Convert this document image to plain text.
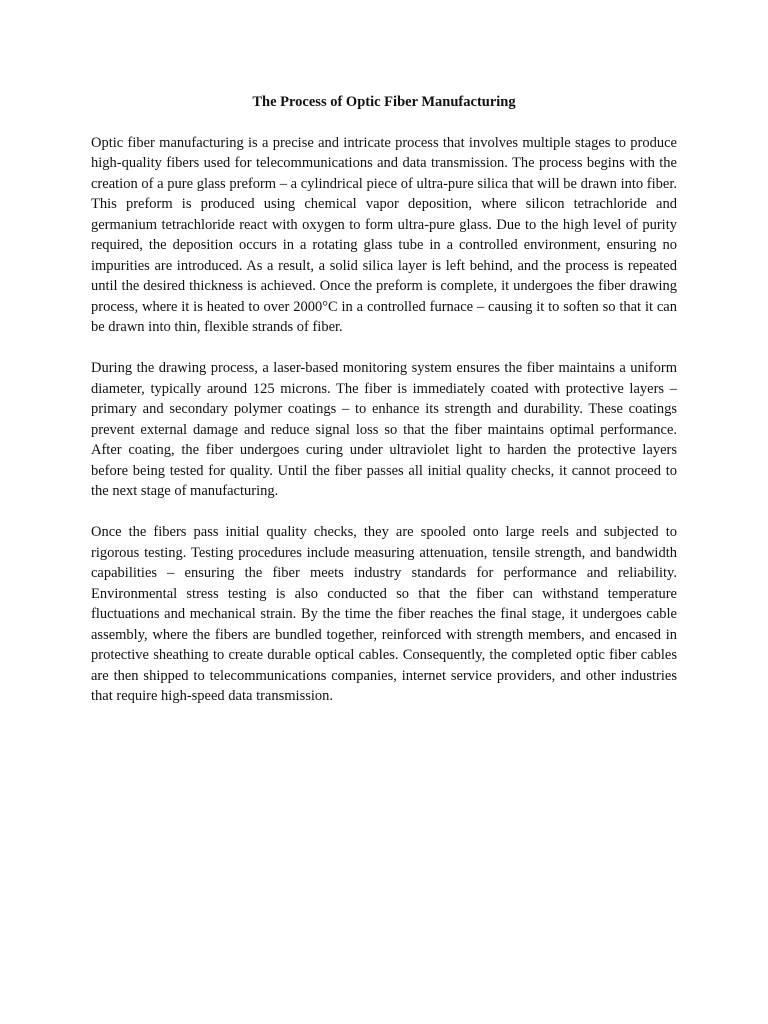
The Process of Optic Fiber Manufacturing

Optic fiber manufacturing is a precise and intricate process that involves multiple stages to produce high-quality fibers used for telecommunications and data transmission. The process begins with the creation of a pure glass preform – a cylindrical piece of ultra-pure silica that will be drawn into fiber. This preform is produced using chemical vapor deposition, where silicon tetrachloride and germanium tetrachloride react with oxygen to form ultra-pure glass. Due to the high level of purity required, the deposition occurs in a rotating glass tube in a controlled environment, ensuring no impurities are introduced. As a result, a solid silica layer is left behind, and the process is repeated until the desired thickness is achieved. Once the preform is complete, it undergoes the fiber drawing process, where it is heated to over 2000°C in a controlled furnace – causing it to soften so that it can be drawn into thin, flexible strands of fiber.

During the drawing process, a laser-based monitoring system ensures the fiber maintains a uniform diameter, typically around 125 microns. The fiber is immediately coated with protective layers – primary and secondary polymer coatings – to enhance its strength and durability. These coatings prevent external damage and reduce signal loss so that the fiber maintains optimal performance. After coating, the fiber undergoes curing under ultraviolet light to harden the protective layers before being tested for quality. Until the fiber passes all initial quality checks, it cannot proceed to the next stage of manufacturing.

Once the fibers pass initial quality checks, they are spooled onto large reels and subjected to rigorous testing. Testing procedures include measuring attenuation, tensile strength, and bandwidth capabilities – ensuring the fiber meets industry standards for performance and reliability. Environmental stress testing is also conducted so that the fiber can withstand temperature fluctuations and mechanical strain. By the time the fiber reaches the final stage, it undergoes cable assembly, where the fibers are bundled together, reinforced with strength members, and encased in protective sheathing to create durable optical cables. Consequently, the completed optic fiber cables are then shipped to telecommunications companies, internet service providers, and other industries that require high-speed data transmission.
